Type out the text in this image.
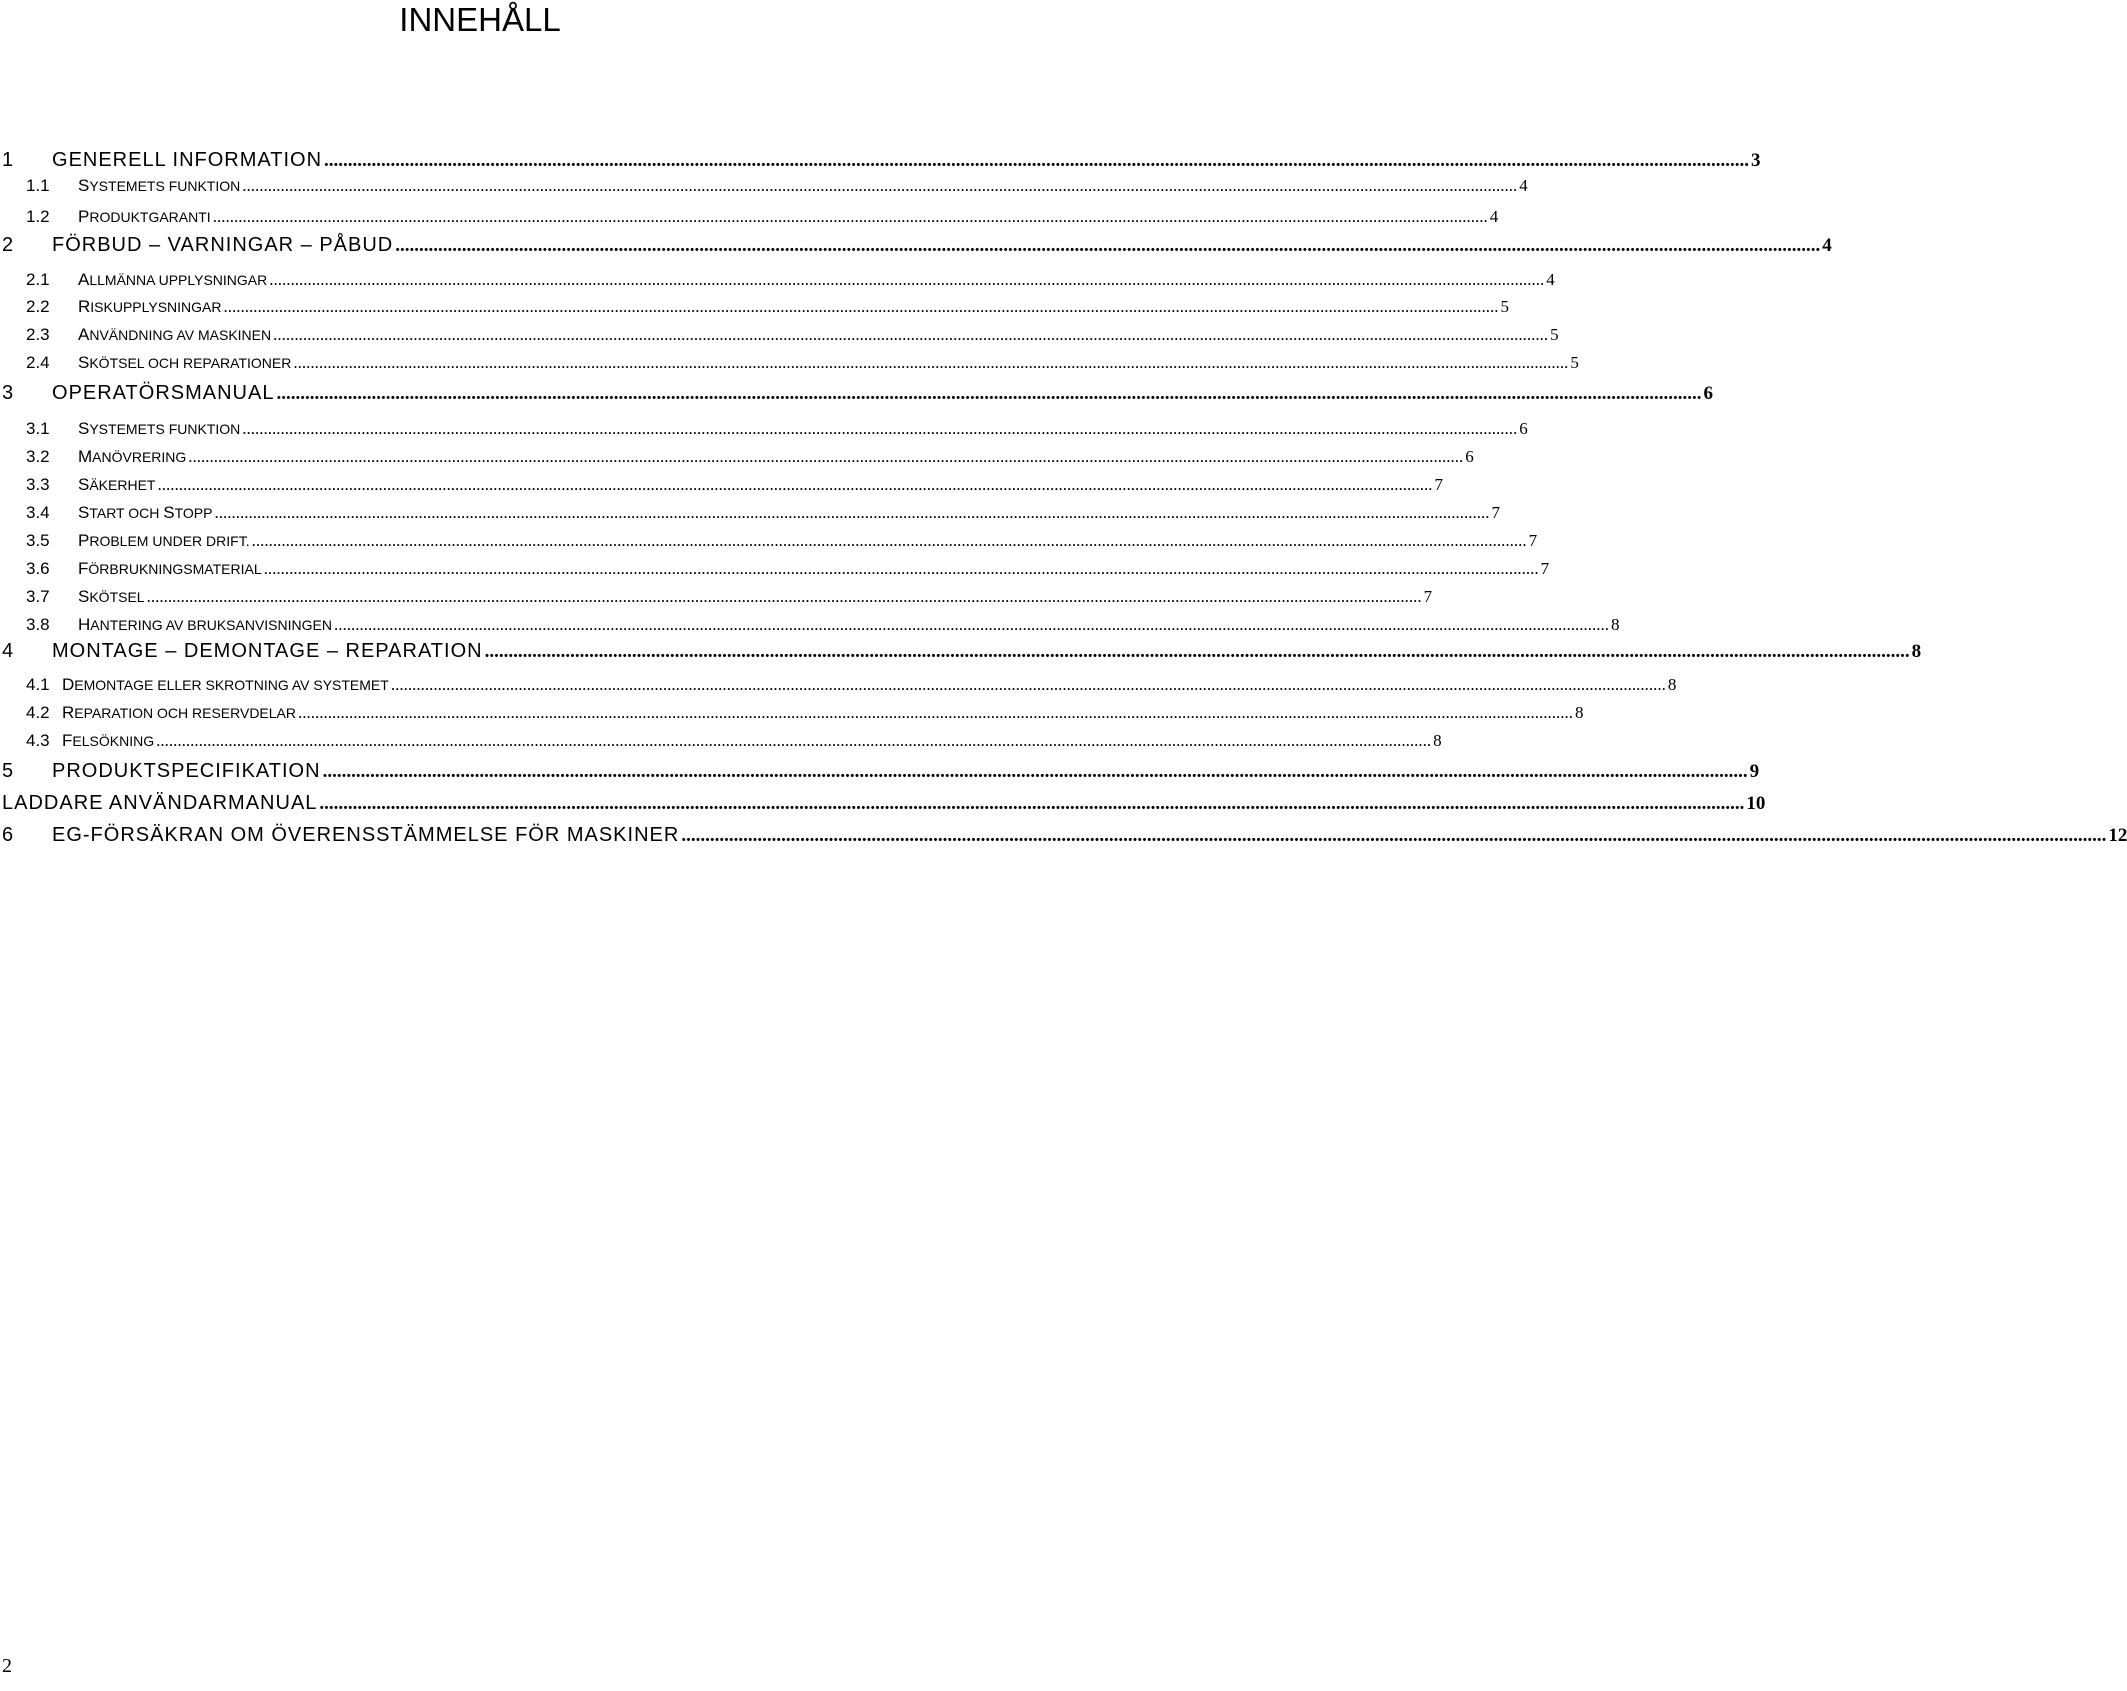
INNEHÅLL
1 GENERELL INFORMATION ............................................................................................................................................................................................................................................................................................................ 3
1.1 SYSTEMETS FUNKTION ............................................................................................................................................................................................................................................................................................................ 4
1.2 PRODUKTGARANTI ............................................................................................................................................................................................................................................................................................................ 4
2 FÖRBUD – VARNINGAR – PÅBUD ............................................................................................................................................................................................................................................................................................................ 4
2.1 ALLMÄNNA UPPLYSNINGAR ............................................................................................................................................................................................................................................................................................................ 4
2.2 RISKUPPLYSNINGAR ............................................................................................................................................................................................................................................................................................................ 5
2.3 ANVÄNDNING AV MASKINEN ............................................................................................................................................................................................................................................................................................................ 5
2.4 SKÖTSEL OCH REPARATIONER ............................................................................................................................................................................................................................................................................................................ 5
3 OPERATÖRSMANUAL ............................................................................................................................................................................................................................................................................................................ 6
3.1 SYSTEMETS FUNKTION ............................................................................................................................................................................................................................................................................................................ 6
3.2 MANÖVRERING ............................................................................................................................................................................................................................................................................................................ 6
3.3 SÄKERHET ............................................................................................................................................................................................................................................................................................................ 7
3.4 START OCH STOPP ............................................................................................................................................................................................................................................................................................................ 7
3.5 PROBLEM UNDER DRIFT. ............................................................................................................................................................................................................................................................................................................ 7
3.6 FÖRBRUKNINGSMATERIAL ............................................................................................................................................................................................................................................................................................................ 7
3.7 SKÖTSEL ............................................................................................................................................................................................................................................................................................................ 7
3.8 HANTERING AV BRUKSANVISNINGEN ............................................................................................................................................................................................................................................................................................................ 8
4 MONTAGE – DEMONTAGE – REPARATION ............................................................................................................................................................................................................................................................................................................ 8
4.1 DEMONTAGE ELLER SKROTNING AV SYSTEMET ............................................................................................................................................................................................................................................................................................................ 8
4.2 REPARATION OCH RESERVDELAR ............................................................................................................................................................................................................................................................................................................ 8
4.3 FELSÖKNING ............................................................................................................................................................................................................................................................................................................ 8
5 PRODUKTSPECIFIKATION ............................................................................................................................................................................................................................................................................................................ 9
LADDARE ANVÄNDARMANUAL ............................................................................................................................................................................................................................................................................................................ 10
6 EG-FÖRSÄKRAN OM ÖVERENSSTÄMMELSE FÖR MASKINER ............................................................................................................................................................................................................................................................................................................ 12
2
